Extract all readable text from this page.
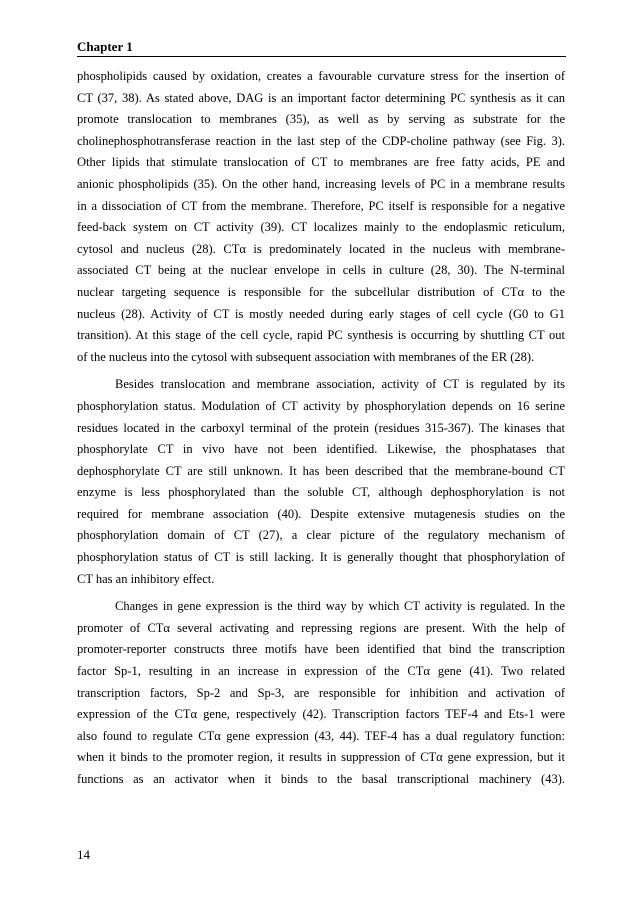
Chapter 1
phospholipids caused by oxidation, creates a favourable curvature stress for the insertion of
CT (37, 38). As stated above, DAG is an important factor determining PC synthesis as it can
promote translocation to membranes (35), as well as by serving as substrate for the
cholinephosphotransferase reaction in the last step of the CDP-choline pathway (see Fig. 3).
Other lipids that stimulate translocation of CT to membranes are free fatty acids, PE and
anionic phospholipids (35). On the other hand, increasing levels of PC in a membrane results
in a dissociation of CT from the membrane. Therefore, PC itself is responsible for a negative
feed-back system on CT activity (39). CT localizes mainly to the endoplasmic reticulum,
cytosol and nucleus (28). CTα is predominately located in the nucleus with membrane-
associated CT being at the nuclear envelope in cells in culture (28, 30). The N-terminal
nuclear targeting sequence is responsible for the subcellular distribution of CTα to the
nucleus (28). Activity of CT is mostly needed during early stages of cell cycle (G0 to G1
transition). At this stage of the cell cycle, rapid PC synthesis is occurring by shuttling CT out
of the nucleus into the cytosol with subsequent association with membranes of the ER (28).
Besides translocation and membrane association, activity of CT is regulated by its
phosphorylation status. Modulation of CT activity by phosphorylation depends on 16 serine
residues located in the carboxyl terminal of the protein (residues 315-367). The kinases that
phosphorylate CT in vivo have not been identified. Likewise, the phosphatases that
dephosphorylate CT are still unknown. It has been described that the membrane-bound CT
enzyme is less phosphorylated than the soluble CT, although dephosphorylation is not
required for membrane association (40). Despite extensive mutagenesis studies on the
phosphorylation domain of CT (27), a clear picture of the regulatory mechanism of
phosphorylation status of CT is still lacking. It is generally thought that phosphorylation of
CT has an inhibitory effect.
Changes in gene expression is the third way by which CT activity is regulated. In the
promoter of CTα several activating and repressing regions are present. With the help of
promoter-reporter constructs three motifs have been identified that bind the transcription
factor Sp-1, resulting in an increase in expression of the CTα gene (41). Two related
transcription factors, Sp-2 and Sp-3, are responsible for inhibition and activation of
expression of the CTα gene, respectively (42). Transcription factors TEF-4 and Ets-1 were
also found to regulate CTα gene expression (43, 44). TEF-4 has a dual regulatory function:
when it binds to the promoter region, it results in suppression of CTα gene expression, but it
functions as an activator when it binds to the basal transcriptional machinery (43).
14
